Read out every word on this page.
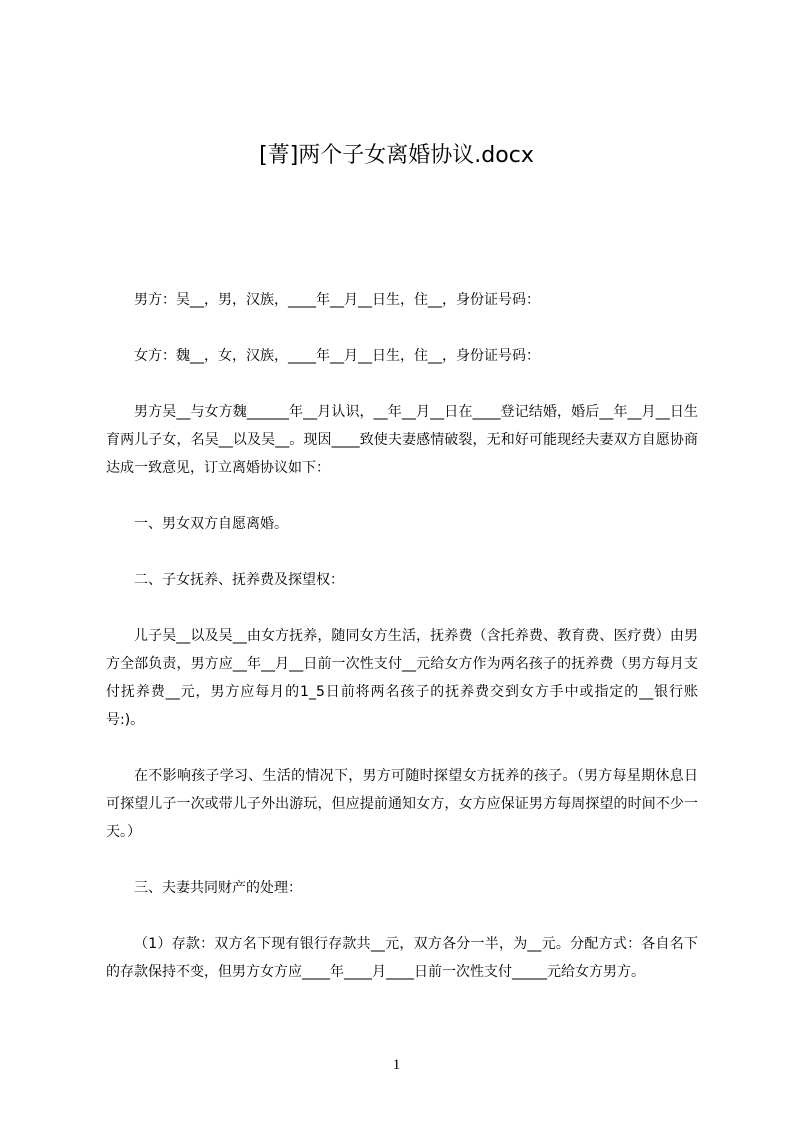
[菁]两个子女离婚协议.docx

男方：吴__，男，汉族，____年__月__日生，住__，身份证号码：

女方：魏__，女，汉族，____年__月__日生，住__，身份证号码：

男方吴__与女方魏______年__月认识，__年__月__日在____登记结婚，婚后__年__月__日生育两儿子女，名吴__以及吴__。现因____致使夫妻感情破裂，无和好可能现经夫妻双方自愿协商达成一致意见，订立离婚协议如下：

一、男女双方自愿离婚。

二、子女抚养、抚养费及探望权：

儿子吴__以及吴__由女方抚养，随同女方生活，抚养费（含托养费、教育费、医疗费）由男方全部负责，男方应__年__月__日前一次性支付__元给女方作为两名孩子的抚养费（男方每月支付抚养费__元，男方应每月的1_5日前将两名孩子的抚养费交到女方手中或指定的__银行账号:)。

在不影响孩子学习、生活的情况下，男方可随时探望女方抚养的孩子。（男方每星期休息日可探望儿子一次或带儿子外出游玩，但应提前通知女方，女方应保证男方每周探望的时间不少一天。）

三、夫妻共同财产的处理：

（1）存款：双方名下现有银行存款共__元，双方各分一半，为__元。分配方式：各自名下的存款保持不变，但男方女方应____年____月____日前一次性支付_____元给女方男方。

1
